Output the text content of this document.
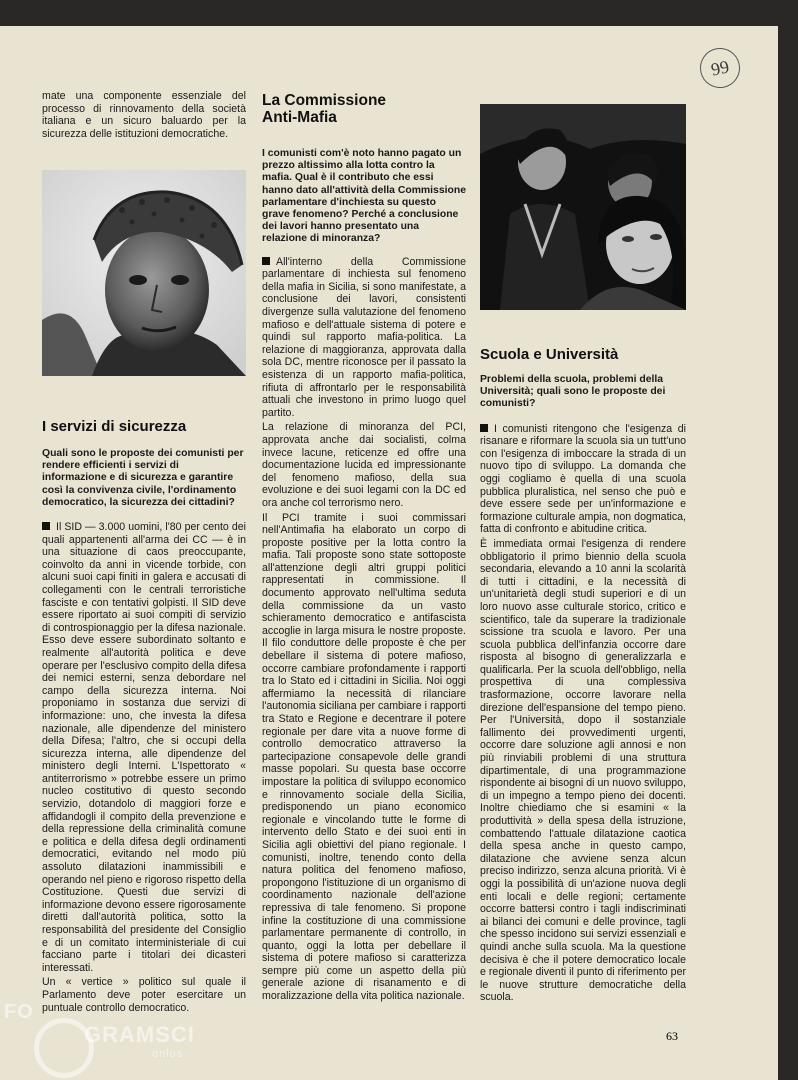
99

mate una componente essenziale del processo di rinnovamento della società italiana e un sicuro baluardo per la sicurezza delle istituzioni democratiche.

I servizi di sicurezza

Quali sono le proposte dei comunisti per rendere efficienti i servizi di informazione e di sicurezza e garantire così la convivenza civile, l'ordinamento democratico, la sicurezza dei cittadini?

Il SID — 3.000 uomini, l'80 per cento dei quali appartenenti all'arma dei CC — è in una situazione di caos preoccupante, coinvolto da anni in vicende torbide, con alcuni suoi capi finiti in galera e accusati di collegamenti con le centrali terroristiche fasciste e con tentativi golpisti. Il SID deve essere riportato ai suoi compiti di servizio di controspionaggio per la difesa nazionale. Esso deve essere subordinato soltanto e realmente all'autorità politica e deve operare per l'esclusivo compito della difesa dei nemici esterni, senza debordare nel campo della sicurezza interna. Noi proponiamo in sostanza due servizi di informazione: uno, che investa la difesa nazionale, alle dipendenze del ministero della Difesa; l'altro, che si occupi della sicurezza interna, alle dipendenze del ministero degli Interni. L'Ispettorato « antiterrorismo » potrebbe essere un primo nucleo costitutivo di questo secondo servizio, dotandolo di maggiori forze e affidandogli il compito della prevenzione e della repressione della criminalità comune e politica e della difesa degli ordinamenti democratici, evitando nel modo più assoluto dilatazioni inammissibili e operando nel pieno e rigoroso rispetto della Costituzione. Questi due servizi di informazione devono essere rigorosamente diretti dall'autorità politica, sotto la responsabilità del presidente del Consiglio e di un comitato interministeriale di cui facciano parte i titolari dei dicasteri interessati.

Un « vertice » politico sul quale il Parlamento deve poter esercitare un puntuale controllo democratico.

La Commissione
Anti-Mafia

I comunisti com'è noto hanno pagato un prezzo altissimo alla lotta contro la mafia. Qual è il contributo che essi hanno dato all'attività della Commissione parlamentare d'inchiesta su questo grave fenomeno? Perché a conclusione dei lavori hanno presentato una relazione di minoranza?

All'interno della Commissione parlamentare di inchiesta sul fenomeno della mafia in Sicilia, si sono manifestate, a conclusione dei lavori, consistenti divergenze sulla valutazione del fenomeno mafioso e dell'attuale sistema di potere e quindi sul rapporto mafia-politica. La relazione di maggioranza, approvata dalla sola DC, mentre riconosce per il passato la esistenza di un rapporto mafia-politica, rifiuta di affrontarlo per le responsabilità attuali che investono in primo luogo quel partito.

La relazione di minoranza del PCI, approvata anche dai socialisti, colma invece lacune, reticenze ed offre una documentazione lucida ed impressionante del fenomeno mafioso, della sua evoluzione e dei suoi legami con la DC ed ora anche col terrorismo nero.

Il PCI tramite i suoi commissari nell'Antimafia ha elaborato un corpo di proposte positive per la lotta contro la mafia. Tali proposte sono state sottoposte all'attenzione degli altri gruppi politici rappresentati in commissione. Il documento approvato nell'ultima seduta della commissione da un vasto schieramento democratico e antifascista accoglie in larga misura le nostre proposte. Il filo conduttore delle proposte è che per debellare il sistema di potere mafioso, occorre cambiare profondamente i rapporti tra lo Stato ed i cittadini in Sicilia. Noi oggi affermiamo la necessità di rilanciare l'autonomia siciliana per cambiare i rapporti tra Stato e Regione e decentrare il potere regionale per dare vita a nuove forme di controllo democratico attraverso la partecipazione consapevole delle grandi masse popolari. Su questa base occorre impostare la politica di sviluppo economico e rinnovamento sociale della Sicilia, predisponendo un piano economico regionale e vincolando tutte le forme di intervento dello Stato e dei suoi enti in Sicilia agli obiettivi del piano regionale. I comunisti, inoltre, tenendo conto della natura politica del fenomeno mafioso, propongono l'istituzione di un organismo di coordinamento nazionale dell'azione repressiva di tale fenomeno. Si propone infine la costituzione di una commissione parlamentare permanente di controllo, in quanto, oggi la lotta per debellare il sistema di potere mafioso si caratterizza sempre più come un aspetto della più generale azione di risanamento e di moralizzazione della vita politica nazionale.

Scuola e Università

Problemi della scuola, problemi della Università; quali sono le proposte dei comunisti?

I comunisti ritengono che l'esigenza di risanare e riformare la scuola sia un tutt'uno con l'esigenza di imboccare la strada di un nuovo tipo di sviluppo. La domanda che oggi cogliamo è quella di una scuola pubblica pluralistica, nel senso che può e deve essere sede per un'informazione e formazione culturale ampia, non dogmatica, fatta di confronto e abitudine critica.

È immediata ormai l'esigenza di rendere obbligatorio il primo biennio della scuola secondaria, elevando a 10 anni la scolarità di tutti i cittadini, e la necessità di un'unitarietà degli studi superiori e di un loro nuovo asse culturale storico, critico e scientifico, tale da superare la tradizionale scissione tra scuola e lavoro. Per una scuola pubblica dell'infanzia occorre dare risposta al bisogno di generalizzarla e qualificarla. Per la scuola dell'obbligo, nella prospettiva di una complessiva trasformazione, occorre lavorare nella direzione dell'espansione del tempo pieno. Per l'Università, dopo il sostanziale fallimento dei provvedimenti urgenti, occorre dare soluzione agli annosi e non più rinviabili problemi di una struttura dipartimentale, di una programmazione rispondente ai bisogni di un nuovo sviluppo, di un impegno a tempo pieno dei docenti. Inoltre chiediamo che si esamini « la produttività » della spesa della istruzione, combattendo l'attuale dilatazione caotica della spesa anche in questo campo, dilatazione che avviene senza alcun preciso indirizzo, senza alcuna priorità. Vi è oggi la possibilità di un'azione nuova degli enti locali e delle regioni; certamente occorre battersi contro i tagli indiscriminati ai bilanci dei comuni e delle province, tagli che spesso incidono sui servizi essenziali e quindi anche sulla scuola. Ma la questione decisiva è che il potere democratico locale e regionale diventi il punto di riferimento per le nuove strutture democratiche della scuola.

63
FO
GRAMSCI
onlus
